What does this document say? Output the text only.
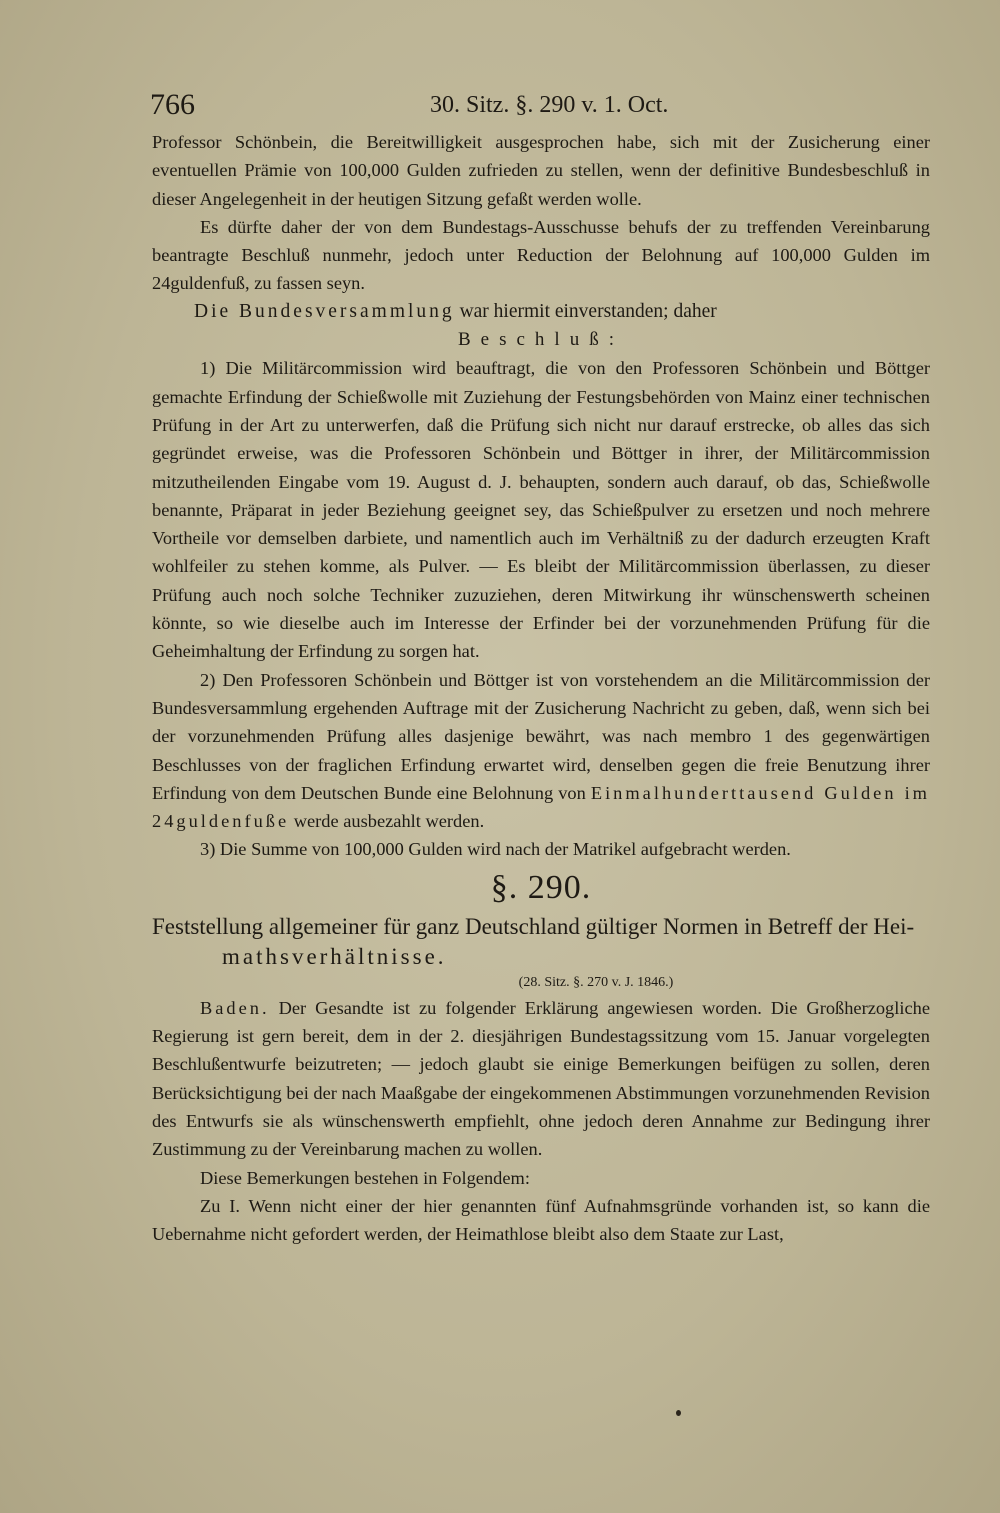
766	30. Sitz. §. 290 v. 1. Oct.

Professor Schönbein, die Bereitwilligkeit ausgesprochen habe, sich mit der Zusicherung einer eventuellen Prämie von 100,000 Gulden zufrieden zu stellen, wenn der definitive Bundesbeschluß in dieser Angelegenheit in der heutigen Sitzung gefaßt werden wolle.

Es dürfte daher der von dem Bundestags-Ausschusse behufs der zu treffenden Vereinbarung beantragte Beschluß nunmehr, jedoch unter Reduction der Belohnung auf 100,000 Gulden im 24guldenfuß, zu fassen seyn.

Die Bundesversammlung war hiermit einverstanden; daher

Beschluß:

1) Die Militärcommission wird beauftragt, die von den Professoren Schönbein und Böttger gemachte Erfindung der Schießwolle mit Zuziehung der Festungsbehörden von Mainz einer technischen Prüfung in der Art zu unterwerfen, daß die Prüfung sich nicht nur darauf erstrecke, ob alles das sich gegründet erweise, was die Professoren Schönbein und Böttger in ihrer, der Militärcommission mitzutheilenden Eingabe vom 19. August d. J. behaupten, sondern auch darauf, ob das, Schießwolle benannte, Präparat in jeder Beziehung geeignet sey, das Schießpulver zu ersetzen und noch mehrere Vortheile vor demselben darbiete, und namentlich auch im Verhältniß zu der dadurch erzeugten Kraft wohlfeiler zu stehen komme, als Pulver. — Es bleibt der Militärcommission überlassen, zu dieser Prüfung auch noch solche Techniker zuzuziehen, deren Mitwirkung ihr wünschenswerth scheinen könnte, so wie dieselbe auch im Interesse der Erfinder bei der vorzunehmenden Prüfung für die Geheimhaltung der Erfindung zu sorgen hat.

2) Den Professoren Schönbein und Böttger ist von vorstehendem an die Militärcommission der Bundesversammlung ergehenden Auftrage mit der Zusicherung Nachricht zu geben, daß, wenn sich bei der vorzunehmenden Prüfung alles dasjenige bewährt, was nach membro 1 des gegenwärtigen Beschlusses von der fraglichen Erfindung erwartet wird, denselben gegen die freie Benutzung ihrer Erfindung von dem Deutschen Bunde eine Belohnung von Einmalhunderttausend Gulden im 24guldenfuße werde ausbezahlt werden.

3) Die Summe von 100,000 Gulden wird nach der Matrikel aufgebracht werden.

§. 290.

Feststellung allgemeiner für ganz Deutschland gültiger Normen in Betreff der Hei-
mathsverhältnisse.

(28. Sitz. §. 270 v. J. 1846.)

Baden. Der Gesandte ist zu folgender Erklärung angewiesen worden. Die Großherzogliche Regierung ist gern bereit, dem in der 2. diesjährigen Bundestagssitzung vom 15. Januar vorgelegten Beschlußentwurfe beizutreten; — jedoch glaubt sie einige Bemerkungen beifügen zu sollen, deren Berücksichtigung bei der nach Maaßgabe der eingekommenen Abstimmungen vorzunehmenden Revision des Entwurfs sie als wünschenswerth empfiehlt, ohne jedoch deren Annahme zur Bedingung ihrer Zustimmung zu der Vereinbarung machen zu wollen.

Diese Bemerkungen bestehen in Folgendem:

Zu I. Wenn nicht einer der hier genannten fünf Aufnahmsgründe vorhanden ist, so kann die Uebernahme nicht gefordert werden, der Heimathlose bleibt also dem Staate zur Last,
